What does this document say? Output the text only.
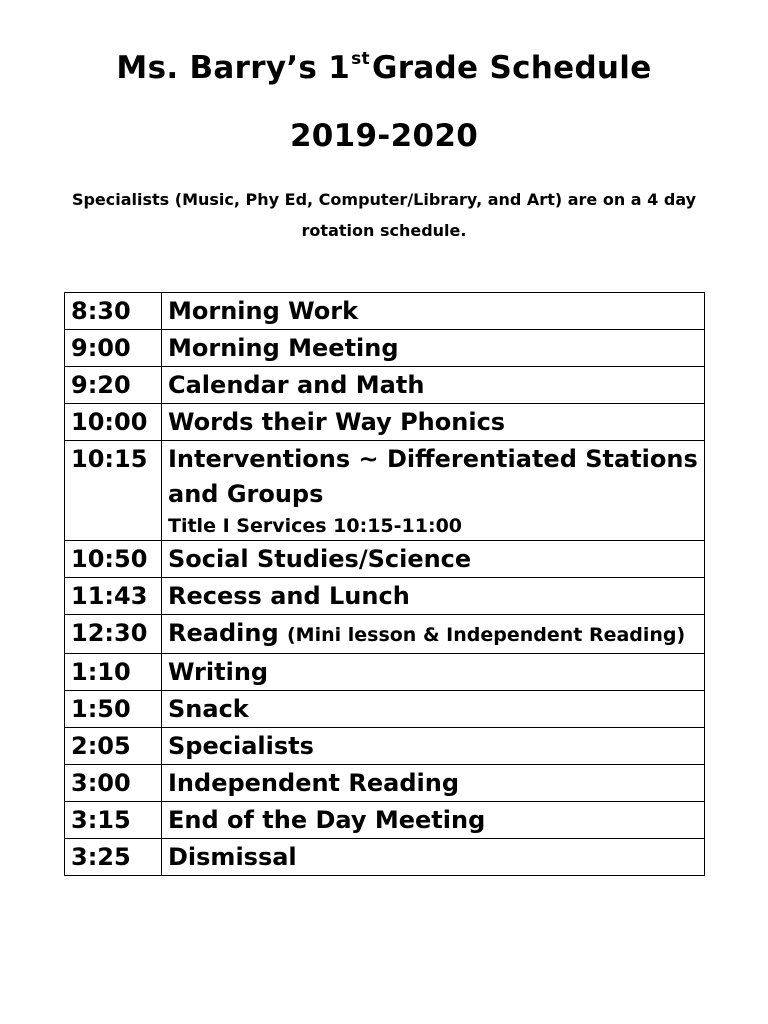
Ms. Barry’s 1stGrade Schedule
2019-2020
Specialists (Music, Phy Ed, Computer/Library, and Art) are on a 4 day rotation schedule.
8:30	Morning Work
9:00	Morning Meeting
9:20	Calendar and Math
10:00	Words their Way Phonics
10:15	Interventions ~ Differentiated Stations and Groups
Title I Services 10:15-11:00

10:50	Social Studies/Science
11:43	Recess and Lunch
12:30	Reading (Mini lesson & Independent Reading)
1:10	Writing
1:50	Snack
2:05	Specialists
3:00	Independent Reading
3:15	End of the Day Meeting
3:25	Dismissal
